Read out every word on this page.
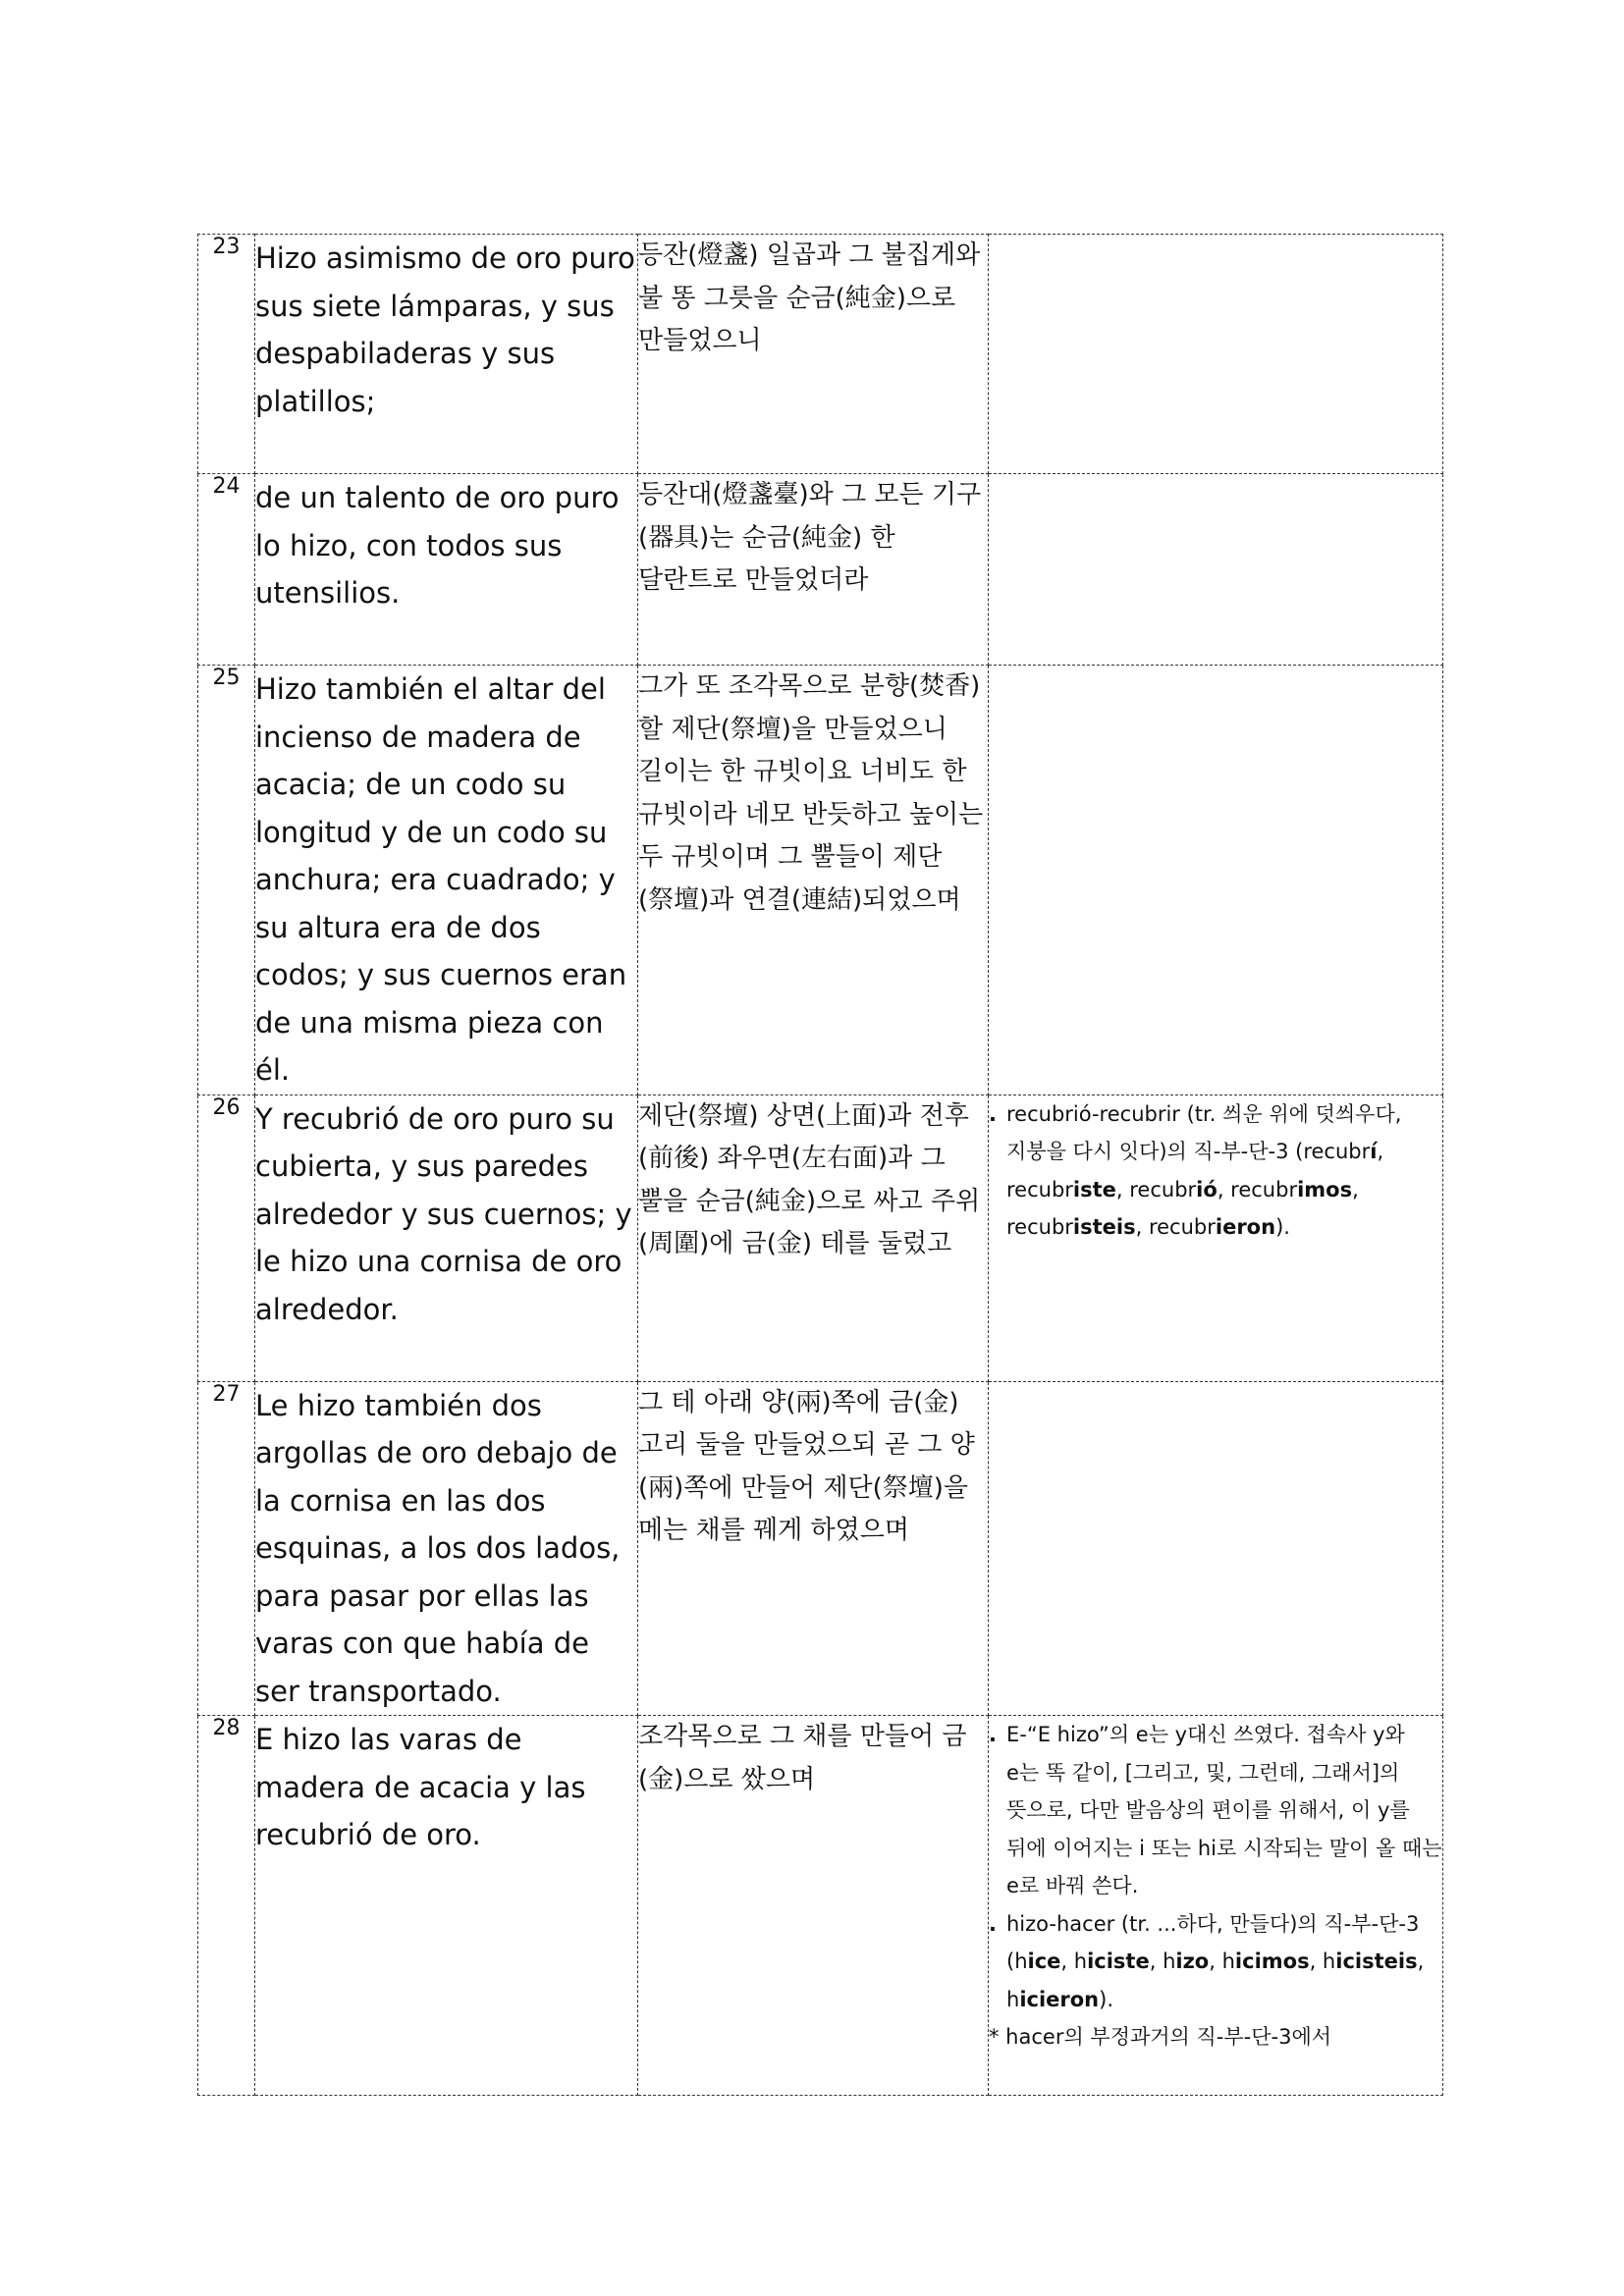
23	Hizo asimismo de oro puro sus siete lámparas, y sus despabiladeras y sus platillos;	등잔(燈盞) 일곱과 그 불집게와 불 똥 그릇을 순금(純金)으로 만들었으니	
24	de un talento de oro puro lo hizo, con todos sus utensilios.	등잔대(燈盞臺)와 그 모든 기구(器具)는 순금(純金) 한 달란트로 만들었더라	
25	Hizo también el altar del incienso de madera de acacia; de un codo su longitud y de un codo su anchura; era cuadrado; y su altura era de dos codos; y sus cuernos eran de una misma pieza con él.	그가 또 조각목으로 분향(焚香)할 제단(祭壇)을 만들었으니 길이는 한 규빗이요 너비도 한 규빗이라 네모 반듯하고 높이는 두 규빗이며 그 뿔들이 제단(祭壇)과 연결(連結)되었으며	
26	Y recubrió de oro puro su cubierta, y sus paredes alrededor y sus cuernos; y le hizo una cornisa de oro alrededor.	제단(祭壇) 상면(上面)과 전후(前後) 좌우면(左右面)과 그 뿔을 순금(純金)으로 싸고 주위(周圍)에 금(金) 테를 둘렀고	. recubrió-recubrir (tr. 씌운 위에 덧씌우다, 지붕을 다시 잇다)의 직-부-단-3 (recubrí, recubriste, recubrió, recubrimos, recubristeis, recubrieron).

27	Le hizo también dos argollas de oro debajo de la cornisa en las dos esquinas, a los dos lados, para pasar por ellas las varas con que había de ser transportado.	그 테 아래 양(兩)쪽에 금(金) 고리 둘을 만들었으되 곧 그 양(兩)쪽에 만들어 제단(祭壇)을 메는 채를 꿰게 하였으며	
28	E hizo las varas de madera de acacia y las recubrió de oro.	조각목으로 그 채를 만들어 금(金)으로 쌌으며	. E-“E hizo”의 e는 y대신 쓰였다. 접속사 y와 e는 똑 같이, [그리고, 및, 그런데, 그래서]의 뜻으로, 다만 발음상의 편이를 위해서, 이 y를 뒤에 이어지는 i 또는 hi로 시작되는 말이 올 때는 e로 바꿔 쓴다.
. hizo-hacer (tr. ...하다, 만들다)의 직-부-단-3 (hice, hiciste, hizo, hicimos, hicisteis, hicieron).
* hacer의 부정과거의 직-부-단-3에서
